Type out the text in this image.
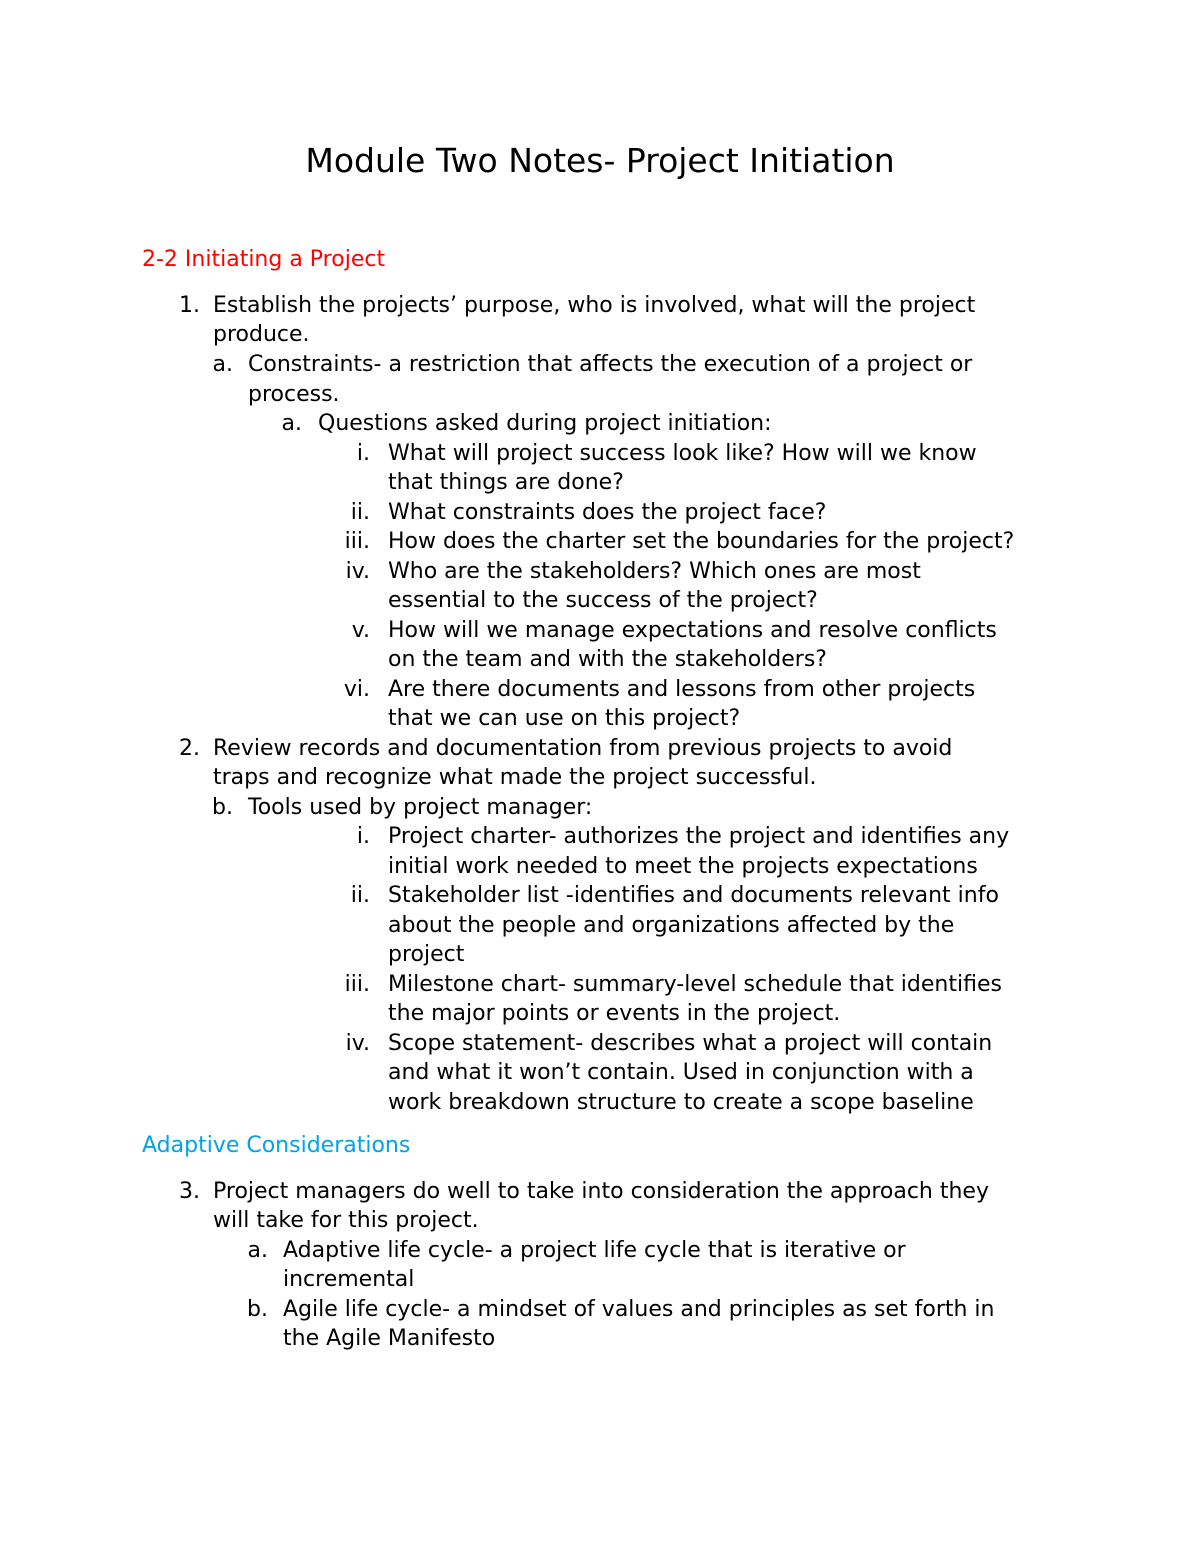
Module Two Notes- Project Initiation
2-2 Initiating a Project
1. Establish the projects’ purpose, who is involved, what will the project
produce.
a. Constraints- a restriction that affects the execution of a project or
process.
a. Questions asked during project initiation:
i. What will project success look like? How will we know
that things are done?
ii. What constraints does the project face?
iii. How does the charter set the boundaries for the project?
iv. Who are the stakeholders? Which ones are most
essential to the success of the project?
v. How will we manage expectations and resolve conflicts
on the team and with the stakeholders?
vi. Are there documents and lessons from other projects
that we can use on this project?
2. Review records and documentation from previous projects to avoid
traps and recognize what made the project successful.
b. Tools used by project manager:
i. Project charter- authorizes the project and identifies any
initial work needed to meet the projects expectations
ii. Stakeholder list -identifies and documents relevant info
about the people and organizations affected by the
project
iii. Milestone chart- summary-level schedule that identifies
the major points or events in the project.
iv. Scope statement- describes what a project will contain
and what it won’t contain. Used in conjunction with a
work breakdown structure to create a scope baseline
Adaptive Considerations
3. Project managers do well to take into consideration the approach they
will take for this project.
a. Adaptive life cycle- a project life cycle that is iterative or
incremental
b. Agile life cycle- a mindset of values and principles as set forth in
the Agile Manifesto
